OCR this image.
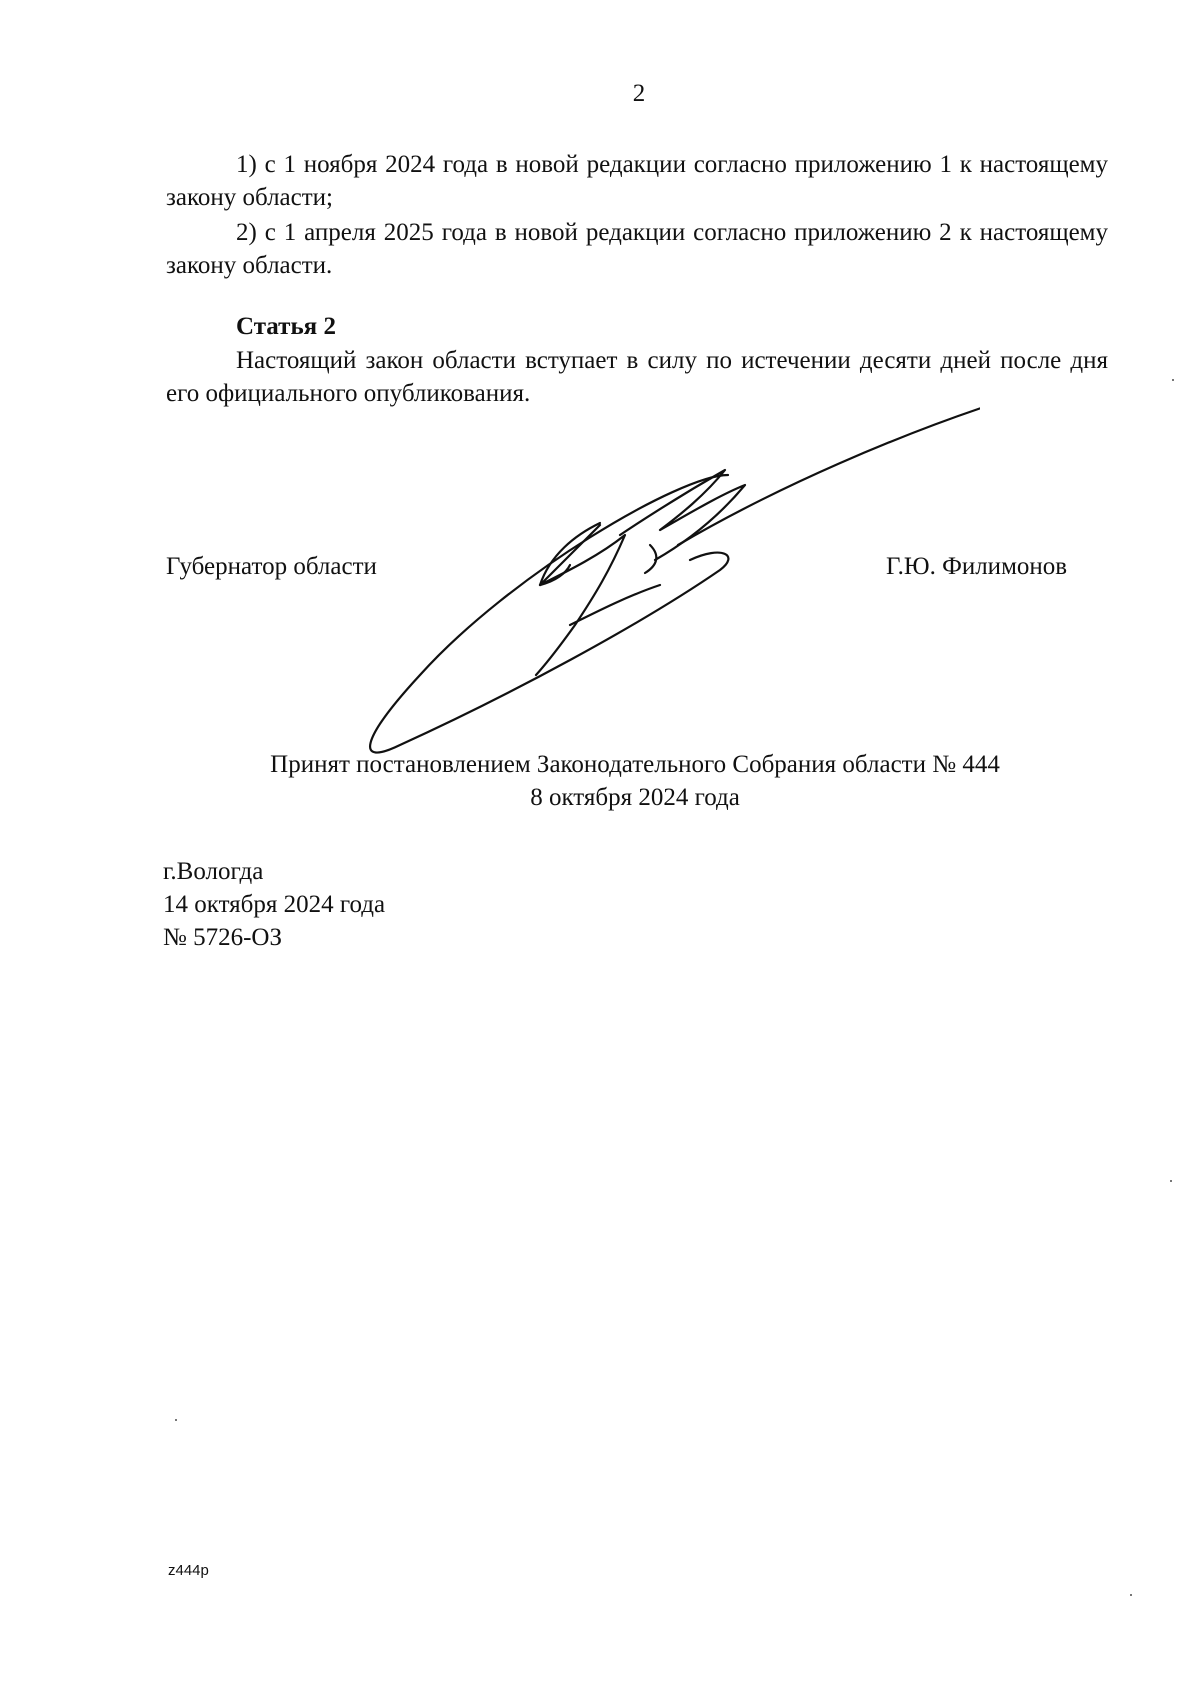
2
1) с 1 ноября 2024 года в новой редакции согласно приложению 1 к настоящему закону области;
2) с 1 апреля 2025 года в новой редакции согласно приложению 2 к настоящему закону области.
Статья 2
Настоящий закон области вступает в силу по истечении десяти дней после дня его официального опубликования.
Губернатор области	Г.Ю. Филимонов
Принят постановлением Законодательного Собрания области № 444
8 октября 2024 года
г.Вологда
14 октября 2024 года
№ 5726-ОЗ
z444p
